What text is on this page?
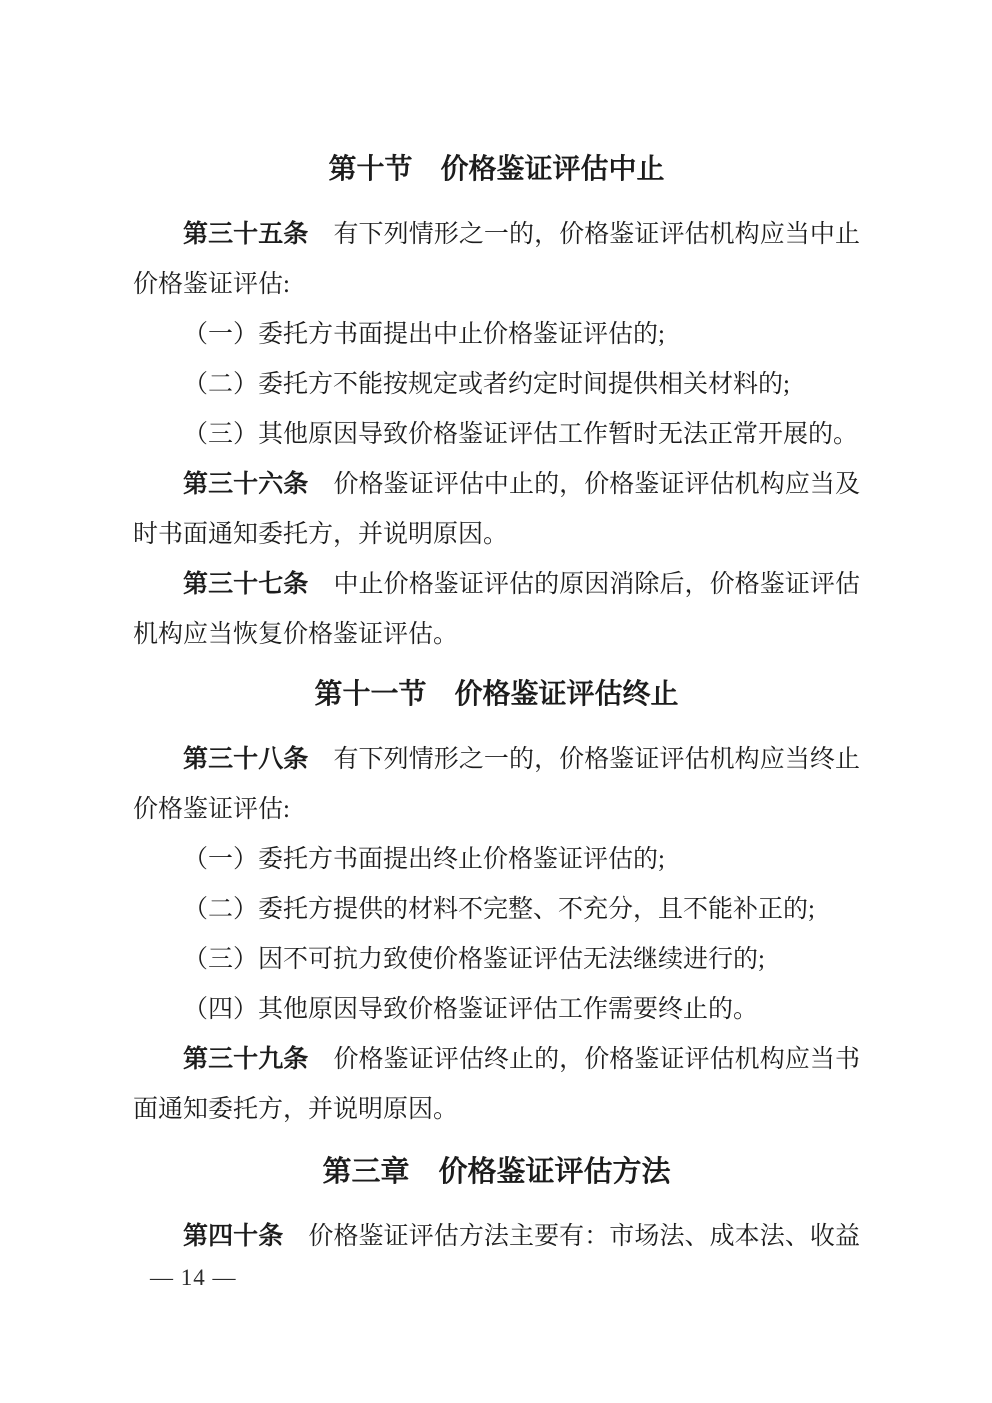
第十节　价格鉴证评估中止
第三十五条　有下列情形之一的，价格鉴证评估机构应当中止
价格鉴证评估:
（一）委托方书面提出中止价格鉴证评估的;
（二）委托方不能按规定或者约定时间提供相关材料的;
（三）其他原因导致价格鉴证评估工作暂时无法正常开展的。
第三十六条　价格鉴证评估中止的，价格鉴证评估机构应当及
时书面通知委托方，并说明原因。
第三十七条　中止价格鉴证评估的原因消除后，价格鉴证评估
机构应当恢复价格鉴证评估。
第十一节　价格鉴证评估终止
第三十八条　有下列情形之一的，价格鉴证评估机构应当终止
价格鉴证评估:
（一）委托方书面提出终止价格鉴证评估的;
（二）委托方提供的材料不完整、不充分，且不能补正的;
（三）因不可抗力致使价格鉴证评估无法继续进行的;
（四）其他原因导致价格鉴证评估工作需要终止的。
第三十九条　价格鉴证评估终止的，价格鉴证评估机构应当书
面通知委托方，并说明原因。
第三章　价格鉴证评估方法
第四十条　价格鉴证评估方法主要有：市场法、成本法、收益
— 14 —
